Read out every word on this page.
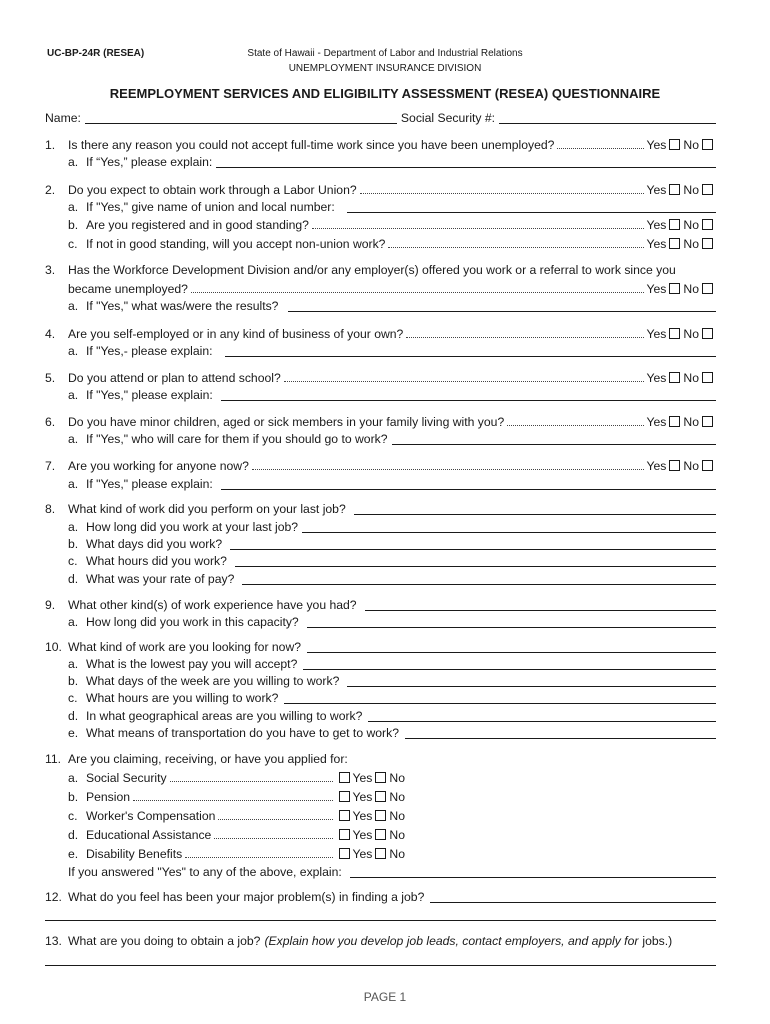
UC-BP-24R (RESEA)	State of Hawaii - Department of Labor and Industrial Relations
UNEMPLOYMENT INSURANCE DIVISION
REEMPLOYMENT SERVICES AND ELIGIBILITY ASSESSMENT (RESEA) QUESTIONNAIRE
Name:	Social Security #:
1.	Is there any reason you could not accept full-time work since you have been unemployed?	Yes No
a. If “Yes,” please explain:
2.	Do you expect to obtain work through a Labor Union?	Yes No
a. If "Yes," give name of union and local number:
b. Are you registered and in good standing?	Yes No
c. If not in good standing, will you accept non-union work?	Yes No
3.	Has the Workforce Development Division and/or any employer(s) offered you work or a referral to work since you
became unemployed?	Yes No
a. If "Yes," what was/were the results?
4.	Are you self-employed or in any kind of business of your own?	Yes No
a. If "Yes,- please explain:
5.	Do you attend or plan to attend school?	Yes No
a. If "Yes," please explain:
6.	Do you have minor children, aged or sick members in your family living with you?	Yes No
a. If "Yes," who will care for them if you should go to work?
7.	Are you working for anyone now?	Yes No
a. If "Yes," please explain:
8.	What kind of work did you perform on your last job?
a. How long did you work at your last job?
b. What days did you work?
c. What hours did you work?
d. What was your rate of pay?
9.	What other kind(s) of work experience have you had?
a. How long did you work in this capacity?
10. What kind of work are you looking for now?
a. What is the lowest pay you will accept?
b. What days of the week are you willing to work?
c. What hours are you willing to work?
d. In what geographical areas are you willing to work?
e. What means of transportation do you have to get to work?
11. Are you claiming, receiving, or have you applied for:
a. Social Security	Yes No
b. Pension	Yes No
c. Worker's Compensation	Yes No
d. Educational Assistance	Yes No
e. Disability Benefits	Yes No
If you answered "Yes" to any of the above, explain:
12. What do you feel has been your major problem(s) in finding a job?
13. What are you doing to obtain a job? (Explain how you develop job leads, contact employers, and apply for jobs.)
PAGE 1
